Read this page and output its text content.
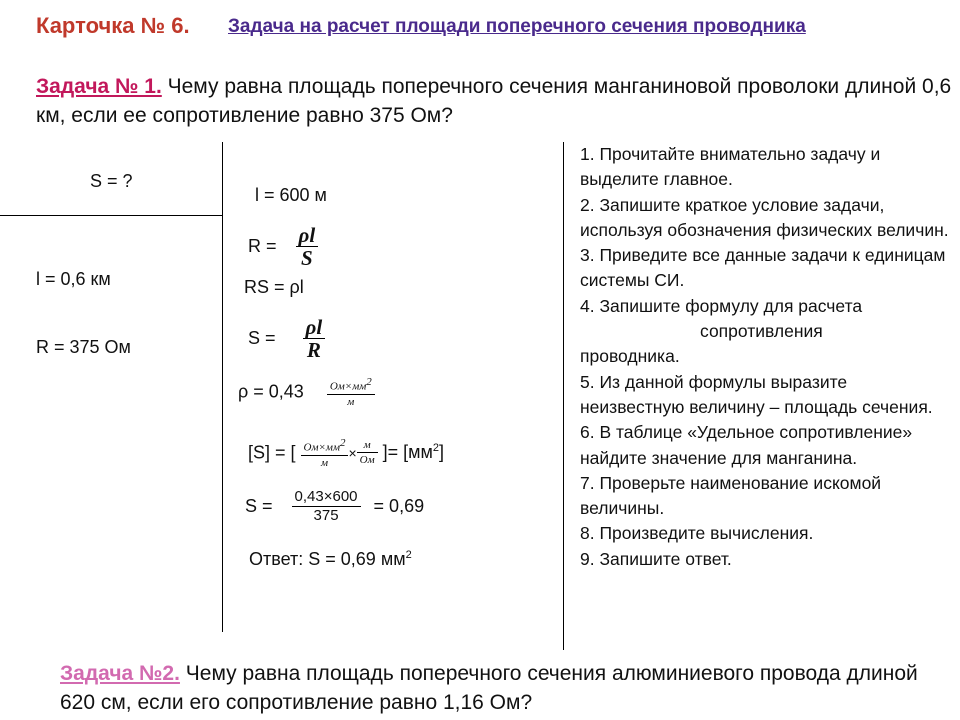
Карточка № 6. Задача на расчет площади поперечного сечения проводника
Задача № 1. Чему равна площадь поперечного сечения манганиновой проволоки длиной 0,6 км, если ее сопротивление равно 375 Ом?
S = ?
l = 0,6 км
R = 375 Ом
l = 600 м
$R = \frac{\rho l}{S}$
RS = ρl
$S = \frac{\rho l}{R}$
$\rho = 0,43 \frac{Ом\times мм^2}{м}$
[S] = [ $\frac{Ом\times мм^2}{м} \times \frac{м}{Ом}$ ]= $[мм^2]$
$S = \frac{0,43\times 600}{375} = 0,69$
Ответ: S = 0,69 $мм^2$
1. Прочитайте внимательно задачу и выделите главное.
2. Запишите краткое условие задачи, используя обозначения физических величин.
3. Приведите все данные задачи к единицам системы СИ.
4. Запишите формулу для расчета
сопротивления
проводника.
5. Из данной формулы выразите неизвестную величину – площадь сечения.
6. В таблице «Удельное сопротивление» найдите значение для манганина.
7. Проверьте наименование искомой величины.
8. Произведите вычисления.
9. Запишите ответ.
Задача №2. Чему равна площадь поперечного сечения алюминиевого провода длиной 620 см, если его сопротивление равно 1,16 Ом?
